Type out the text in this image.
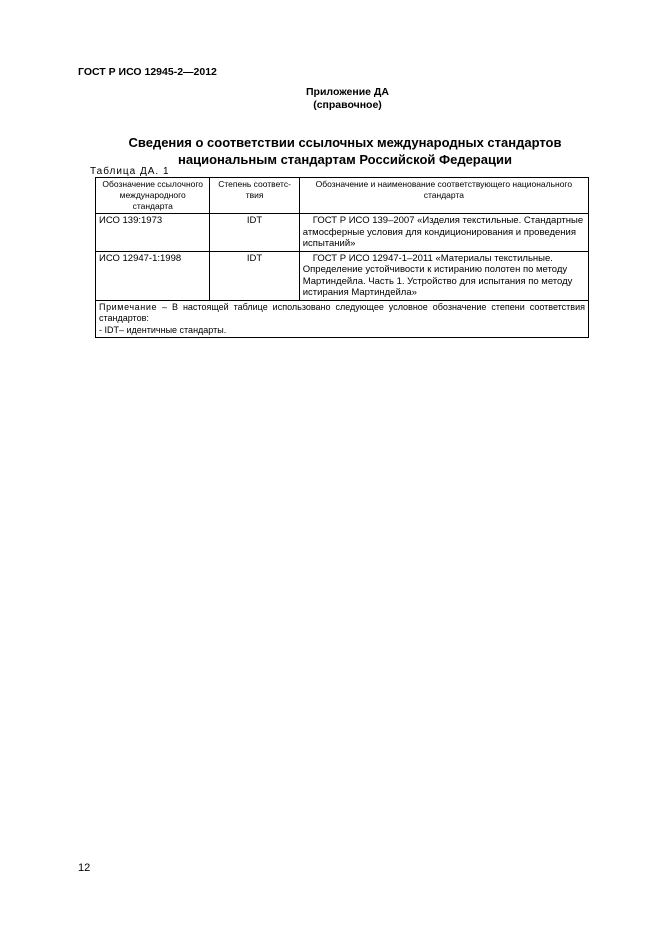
ГОСТ Р ИСО 12945-2—2012
Приложение ДА
(справочное)
Сведения о соответствии ссылочных международных стандартов
национальным стандартам Российской Федерации
Таблица ДА. 1
Обозначение ссылочного международного стандарта	Степень соответс-твия	Обозначение и наименование соответствующего национального стандарта
ИСО 139:1973	IDT	ГОСТ Р ИСО 139–2007 «Изделия текстильные. Стандартные атмосферные условия для кондиционирования и проведения испытаний»
ИСО 12947-1:1998	IDT	ГОСТ Р ИСО 12947-1–2011 «Материалы текстильные. Определение устойчивости к истиранию полотен по методу Мартиндейла. Часть 1. Устройство для испытания по методу истирания Мартиндейла»
Примечание – В настоящей таблице использовано следующее условное обозначение степени соответствия стандартов:
- IDT– идентичные стандарты.		
12
